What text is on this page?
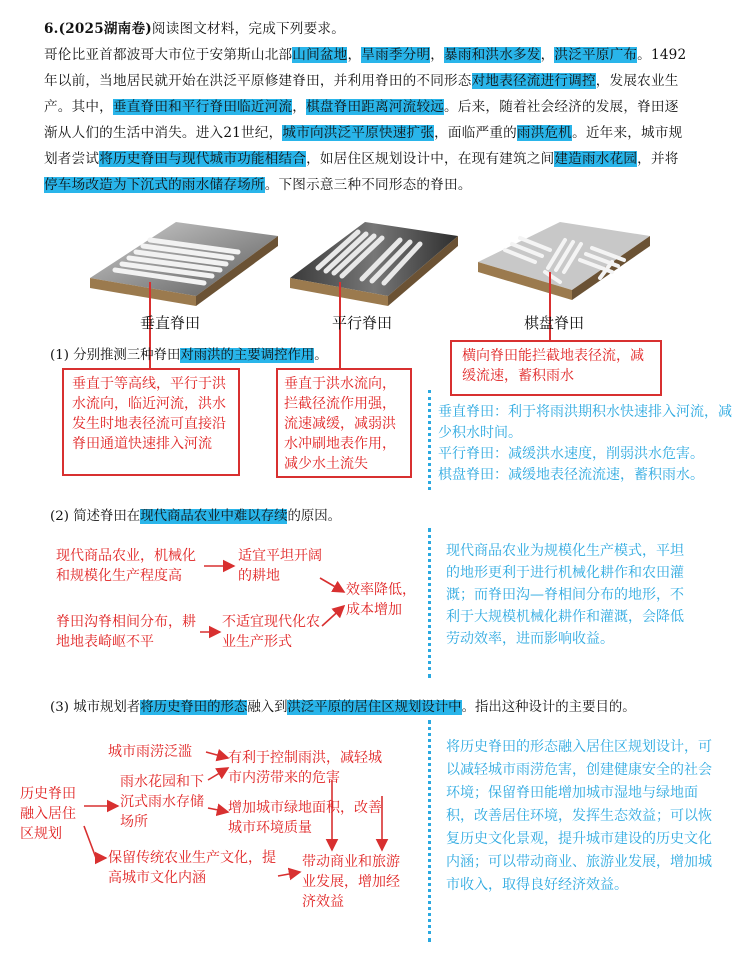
6.(2025湖南卷)阅读图文材料，完成下列要求。
哥伦比亚首都波哥大市位于安第斯山北部山间盆地，旱雨季分明，暴雨和洪水多发，洪泛平原广布。1492
年以前，当地居民就开始在洪泛平原修建脊田，并利用脊田的不同形态对地表径流进行调控，发展农业生
产。其中，垂直脊田和平行脊田临近河流，棋盘脊田距离河流较远。后来，随着社会经济的发展，脊田逐
渐从人们的生活中消失。进入21世纪，城市向洪泛平原快速扩张，面临严重的雨洪危机。近年来，城市规
划者尝试将历史脊田与现代城市功能相结合，如居住区规划设计中，在现有建筑之间建造雨水花园，并将
停车场改造为下沉式的雨水储存场所。下图示意三种不同形态的脊田。
垂直脊田	平行脊田	棋盘脊田
(1) 分别推测三种脊田对雨洪的主要调控作用。	横向脊田能拦截地表径流，减缓流速，蓄积雨水
垂直于等高线，平行于洪水流向，临近河流，洪水发生时地表径流可直接沿脊田通道快速排入河流
垂直于洪水流向，拦截径流作用强，流速减缓，减弱洪水冲刷地表作用，减少水土流失
垂直脊田：利于将雨洪期积水快速排入河流，减少积水时间。
平行脊田：减缓洪水速度，削弱洪水危害。
棋盘脊田：减缓地表径流流速，蓄积雨水。
(2) 简述脊田在现代商品农业中难以存续的原因。
现代商品农业，机械化和规模化生产程度高
适宜平坦开阔的耕地
效率降低，成本增加
脊田沟脊相间分布，耕地地表崎岖不平
不适宜现代化农业生产形式
现代商品农业为规模化生产模式，平坦的地形更利于进行机械化耕作和农田灌溉；而脊田沟—脊相间分布的地形，不利于大规模机械化耕作和灌溉，会降低劳动效率，进而影响收益。
(3) 城市规划者将历史脊田的形态融入到洪泛平原的居住区规划设计中。指出这种设计的主要目的。
城市雨涝泛滥	有利于控制雨洪，减轻城市内涝带来的危害
历史脊田融入居住区规划
雨水花园和下沉式雨水存储场所
增加城市绿地面积，改善城市环境质量
保留传统农业生产文化，提高城市文化内涵
带动商业和旅游业发展，增加经济效益
将历史脊田的形态融入居住区规划设计，可以减轻城市雨涝危害，创建健康安全的社会环境；保留脊田能增加城市湿地与绿地面积，改善居住环境，发挥生态效益；可以恢复历史文化景观，提升城市建设的历史文化内涵；可以带动商业、旅游业发展，增加城市收入，取得良好经济效益。
